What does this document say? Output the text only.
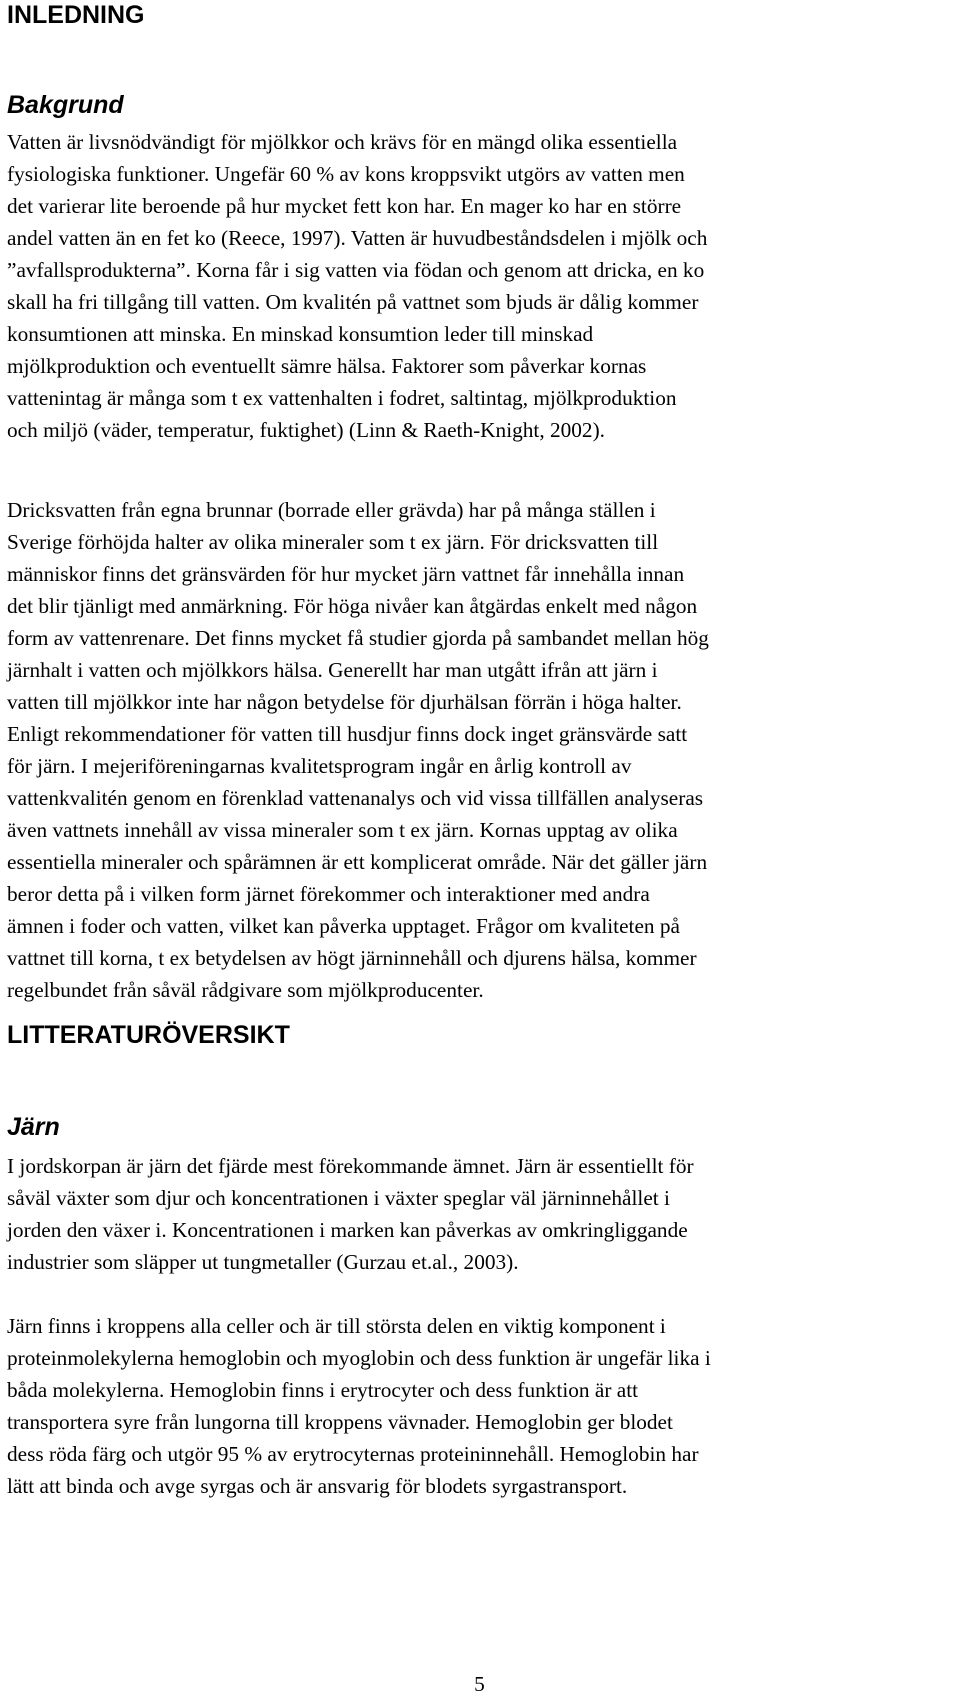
INLEDNING
Bakgrund
Vatten är livsnödvändigt för mjölkkor och krävs för en mängd olika essentiella
fysiologiska funktioner. Ungefär 60 % av kons kroppsvikt utgörs av vatten men
det varierar lite beroende på hur mycket fett kon har. En mager ko har en större
andel vatten än en fet ko (Reece, 1997). Vatten är huvudbeståndsdelen i mjölk och
”avfallsprodukterna”. Korna får i sig vatten via födan och genom att dricka, en ko
skall ha fri tillgång till vatten. Om kvalitén på vattnet som bjuds är dålig kommer
konsumtionen att minska. En minskad konsumtion leder till minskad
mjölkproduktion och eventuellt sämre hälsa. Faktorer som påverkar kornas
vattenintag är många som t ex vattenhalten i fodret, saltintag, mjölkproduktion
och miljö (väder, temperatur, fuktighet) (Linn & Raeth-Knight, 2002).
Dricksvatten från egna brunnar (borrade eller grävda) har på många ställen i
Sverige förhöjda halter av olika mineraler som t ex järn. För dricksvatten till
människor finns det gränsvärden för hur mycket järn vattnet får innehålla innan
det blir tjänligt med anmärkning. För höga nivåer kan åtgärdas enkelt med någon
form av vattenrenare. Det finns mycket få studier gjorda på sambandet mellan hög
järnhalt i vatten och mjölkkors hälsa. Generellt har man utgått ifrån att järn i
vatten till mjölkkor inte har någon betydelse för djurhälsan förrän i höga halter.
Enligt rekommendationer för vatten till husdjur finns dock inget gränsvärde satt
för järn. I mejeriföreningarnas kvalitetsprogram ingår en årlig kontroll av
vattenkvalitén genom en förenklad vattenanalys och vid vissa tillfällen analyseras
även vattnets innehåll av vissa mineraler som t ex järn. Kornas upptag av olika
essentiella mineraler och spårämnen är ett komplicerat område. När det gäller järn
beror detta på i vilken form järnet förekommer och interaktioner med andra
ämnen i foder och vatten, vilket kan påverka upptaget. Frågor om kvaliteten på
vattnet till korna, t ex betydelsen av högt järninnehåll och djurens hälsa, kommer
regelbundet från såväl rådgivare som mjölkproducenter.
LITTERATURÖVERSIKT
Järn
I jordskorpan är järn det fjärde mest förekommande ämnet. Järn är essentiellt för
såväl växter som djur och koncentrationen i växter speglar väl järninnehållet i
jorden den växer i. Koncentrationen i marken kan påverkas av omkringliggande
industrier som släpper ut tungmetaller (Gurzau et.al., 2003).
Järn finns i kroppens alla celler och är till största delen en viktig komponent i
proteinmolekylerna hemoglobin och myoglobin och dess funktion är ungefär lika i
båda molekylerna. Hemoglobin finns i erytrocyter och dess funktion är att
transportera syre från lungorna till kroppens vävnader. Hemoglobin ger blodet
dess röda färg och utgör 95 % av erytrocyternas proteininnehåll. Hemoglobin har
lätt att binda och avge syrgas och är ansvarig för blodets syrgastransport.
5
